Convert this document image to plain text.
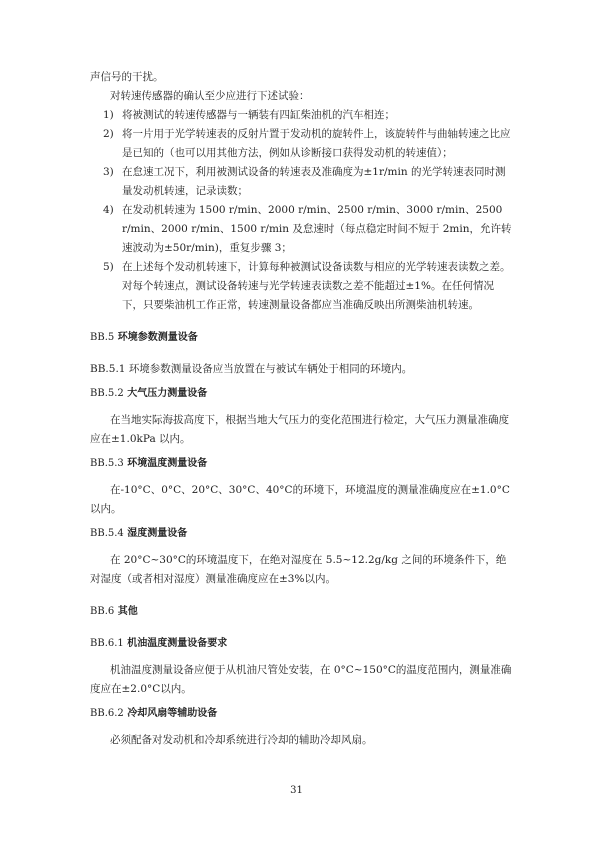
声信号的干扰。

对转速传感器的确认至少应进行下述试验：

1) 将被测试的转速传感器与一辆装有四缸柴油机的汽车相连；
2) 将一片用于光学转速表的反射片置于发动机的旋转件上，该旋转件与曲轴转速之比应是已知的（也可以用其他方法，例如从诊断接口获得发动机的转速值）；
3) 在怠速工况下，利用被测试设备的转速表及准确度为±1r/min 的光学转速表同时测量发动机转速，记录读数；
4) 在发动机转速为 1500 r/min、2000 r/min、2500 r/min、3000 r/min、2500 r/min、2000 r/min、1500 r/min 及怠速时（每点稳定时间不短于 2min，允许转速波动为±50r/min)，重复步骤 3；
5) 在上述每个发动机转速下，计算每种被测试设备读数与相应的光学转速表读数之差。对每个转速点，测试设备转速与光学转速表读数之差不能超过±1%。在任何情况下，只要柴油机工作正常，转速测量设备都应当准确反映出所测柴油机转速。

BB.5 环境参数测量设备

BB.5.1 环境参数测量设备应当放置在与被试车辆处于相同的环境内。

BB.5.2 大气压力测量设备

在当地实际海拔高度下，根据当地大气压力的变化范围进行检定，大气压力测量准确度应在±1.0kPa 以内。

BB.5.3 环境温度测量设备

在-10°C、0°C、20°C、30°C、40°C的环境下，环境温度的测量准确度应在±1.0°C以内。

BB.5.4 湿度测量设备

在 20°C~30°C的环境温度下，在绝对湿度在 5.5~12.2g/kg 之间的环境条件下，绝对湿度（或者相对湿度）测量准确度应在±3%以内。

BB.6 其他

BB.6.1 机油温度测量设备要求

机油温度测量设备应便于从机油尺管处安装，在 0°C~150°C的温度范围内，测量准确度应在±2.0°C以内。

BB.6.2 冷却风扇等辅助设备

必须配备对发动机和冷却系统进行冷却的辅助冷却风扇。

31
